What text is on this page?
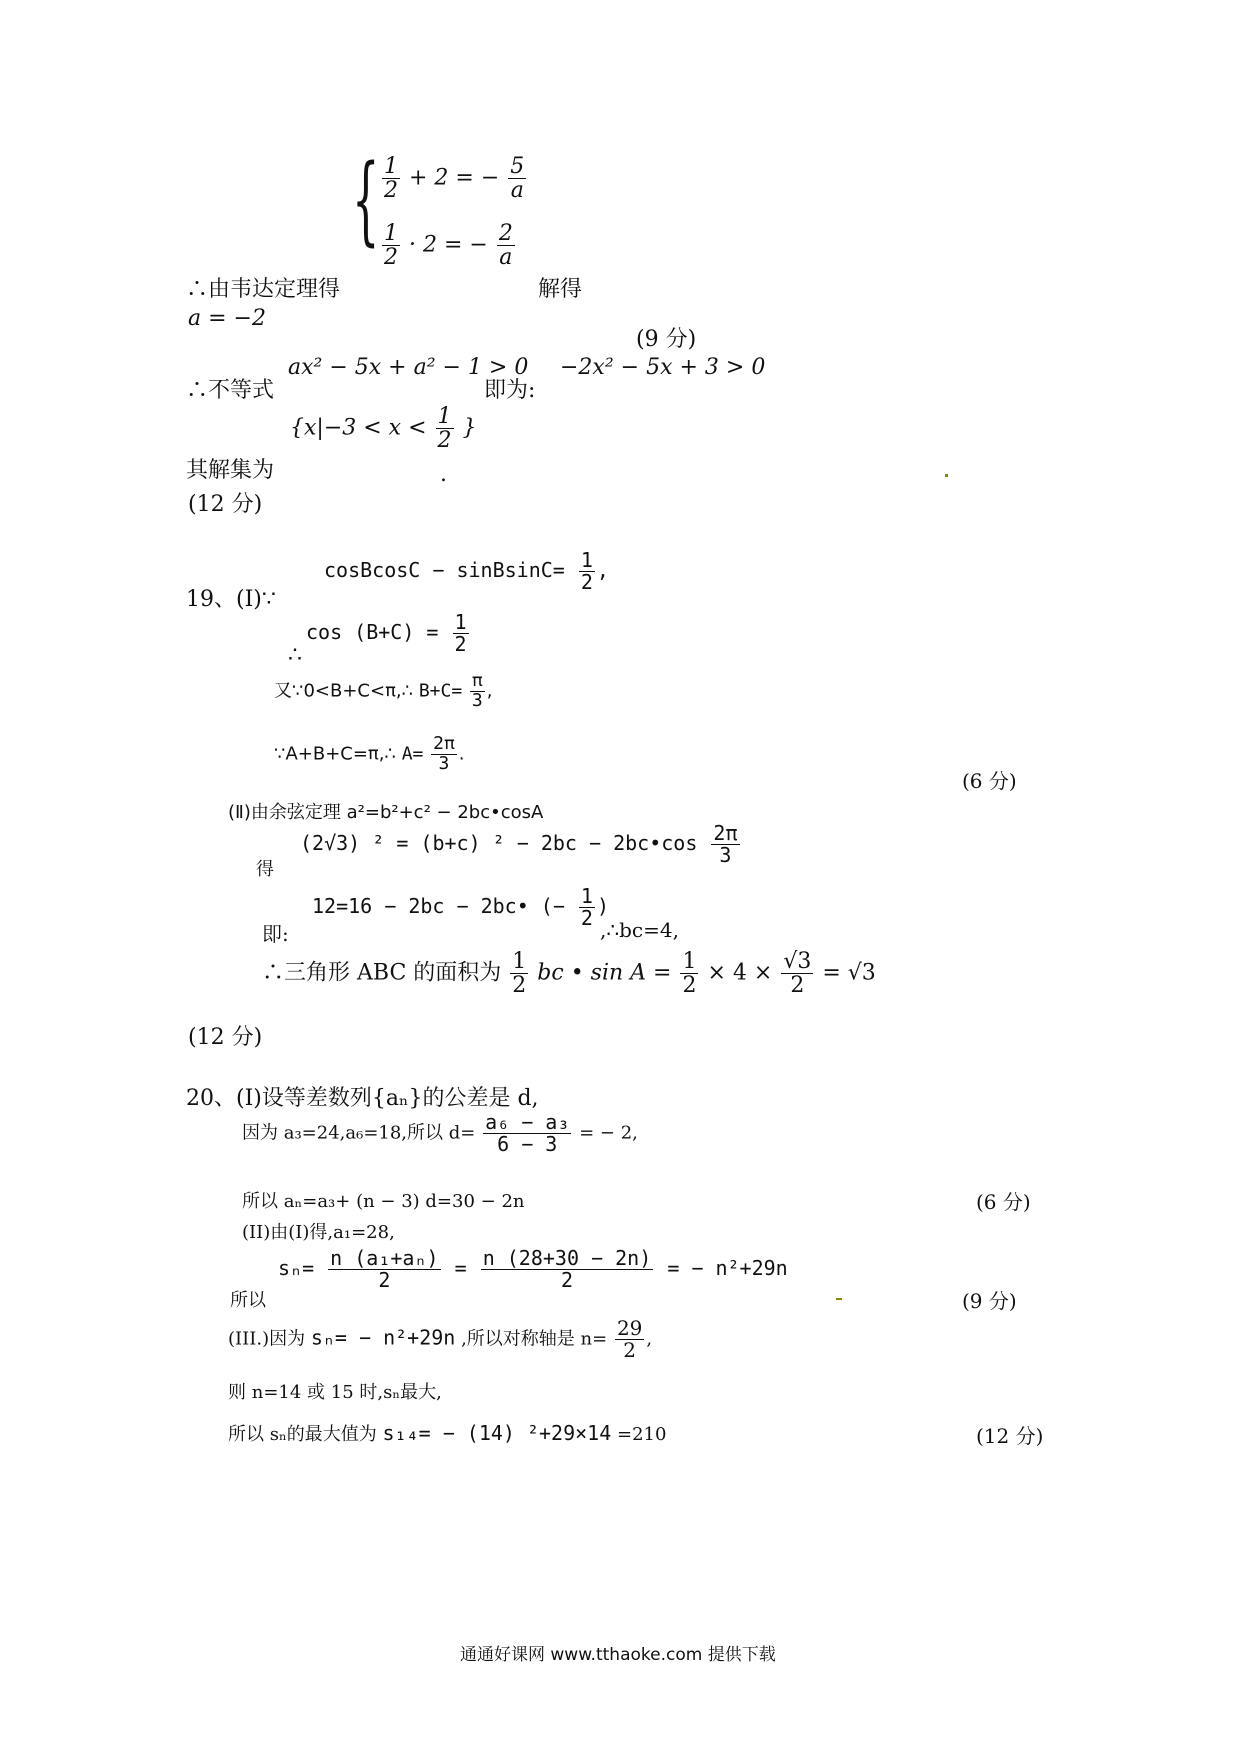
{ $\frac{1}{2} + 2$ = − $\frac{5}{a}$
$\frac{1}{2} \cdot 2$ = − $\frac{2}{a}$
∴由韦达定理得	解得
a = −2
(9 分)
∴不等式
ax² − 5x + a² − 1 > 0
即为:
−2x² − 5x + 3 > 0
{$x|-3 < x < \frac{1}{2}$ }
其解集为	.
(12 分)
19、(Ⅰ)∵
cosBcosC − sinBsinC= $\frac{1}{2}$ ,
∴
$\cos (B+C) = \frac{1}{2}$
又∵0<B+C<π,∴ $B+C= \frac{\pi}{3}$ ,
∵A+B+C=π,∴ $A= \frac{2\pi}{3}$ .
(6 分)
(Ⅱ)由余弦定理 a²=b²+c² − 2bc•cosA
得
(2√3) ² = (b+c) ² − 2bc − 2bc•cos $\frac{2\pi}{3}$
即:
12=16 − 2bc − 2bc• (− $\frac{1}{2}$ )
,∴bc=4,
∴三角形 ABC 的面积为 $\frac{1}{2}$ bc • $\sin A = \frac{1}{2} \times 4 \times \frac{√3}{2} = √3$
(12 分)
20、(I)设等差数列{aₙ}的公差是 d,
因为 a₃=24,a₆=18,所以 $d= \frac{\text{a₆ − a₃}}{6 - 3}$ = − 2,
所以 aₙ=a₃+ (n − 3) d=30 − 2n	(6 分)
(II)由(I)得,a₁=28,
所以
$s_n= \frac{\text{n (a₁+aₙ)}}{2} = \frac{n (28+30 - 2n)}{2}$ = − n²+29n
(9 分)
(III.)因为 sₙ= − n²+29n ,所以对称轴是 $n= \frac{29}{2}$ ,
则 n=14 或 15 时,sₙ最大,
所以 sₙ的最大值为 s₁₄= − (14) ²+29×14 =210	(12 分)
通通好课网 www.tthaoke.com 提供下载
